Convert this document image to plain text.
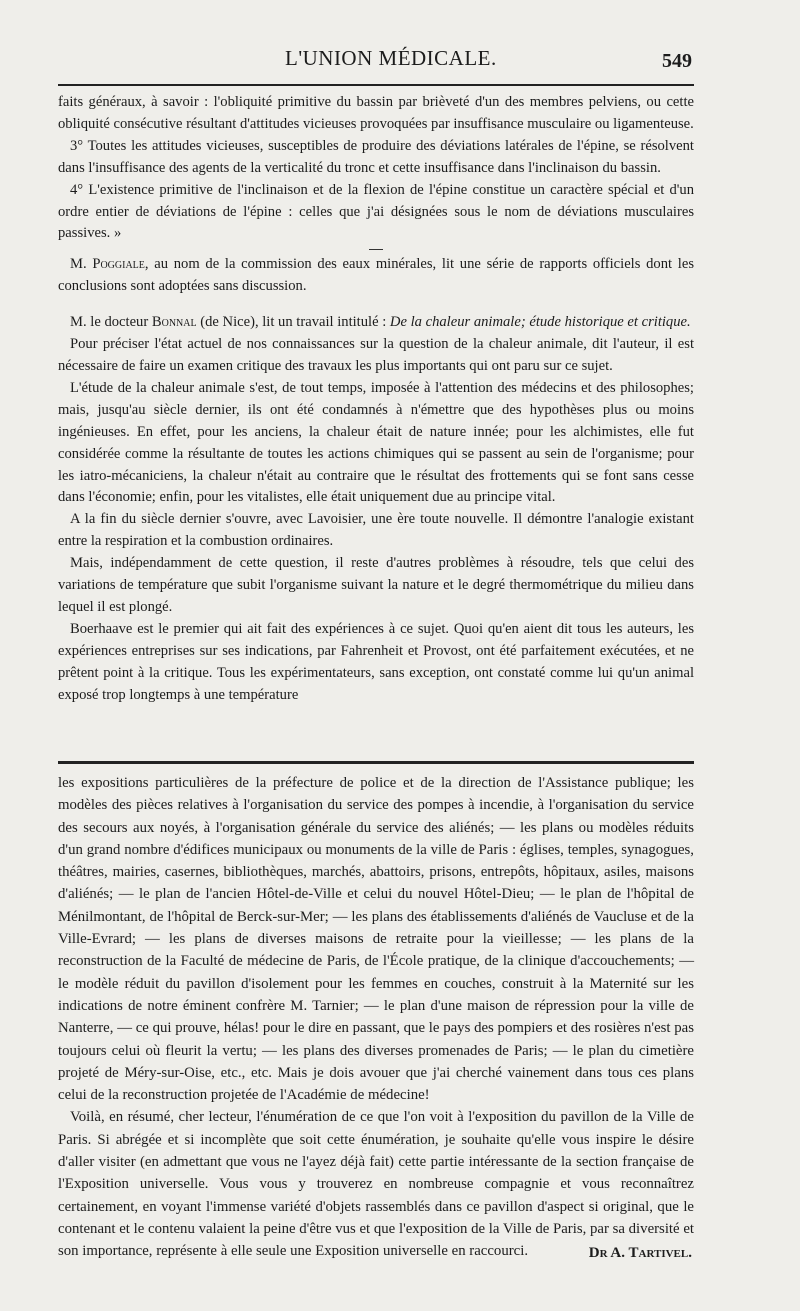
L'UNION MÉDICALE.	549

faits généraux, à savoir : l'obliquité primitive du bassin par brièveté d'un des membres pelviens, ou cette obliquité consécutive résultant d'attitudes vicieuses provoquées par insuffisance musculaire ou ligamenteuse.

3° Toutes les attitudes vicieuses, susceptibles de produire des déviations latérales de l'épine, se résolvent dans l'insuffisance des agents de la verticalité du tronc et cette insuffisance dans l'inclinaison du bassin.

4° L'existence primitive de l'inclinaison et de la flexion de l'épine constitue un caractère spécial et d'un ordre entier de déviations de l'épine : celles que j'ai désignées sous le nom de déviations musculaires passives. »

M. Poggiale, au nom de la commission des eaux minérales, lit une série de rapports officiels dont les conclusions sont adoptées sans discussion.

M. le docteur Bonnal (de Nice), lit un travail intitulé : De la chaleur animale; étude historique et critique.

Pour préciser l'état actuel de nos connaissances sur la question de la chaleur animale, dit l'auteur, il est nécessaire de faire un examen critique des travaux les plus importants qui ont paru sur ce sujet.

L'étude de la chaleur animale s'est, de tout temps, imposée à l'attention des médecins et des philosophes; mais, jusqu'au siècle dernier, ils ont été condamnés à n'émettre que des hypothèses plus ou moins ingénieuses. En effet, pour les anciens, la chaleur était de nature innée; pour les alchimistes, elle fut considérée comme la résultante de toutes les actions chimiques qui se passent au sein de l'organisme; pour les iatro-mécaniciens, la chaleur n'était au contraire que le résultat des frottements qui se font sans cesse dans l'économie; enfin, pour les vitalistes, elle était uniquement due au principe vital.

A la fin du siècle dernier s'ouvre, avec Lavoisier, une ère toute nouvelle. Il démontre l'analogie existant entre la respiration et la combustion ordinaires.

Mais, indépendamment de cette question, il reste d'autres problèmes à résoudre, tels que celui des variations de température que subit l'organisme suivant la nature et le degré thermométrique du milieu dans lequel il est plongé.

Boerhaave est le premier qui ait fait des expériences à ce sujet. Quoi qu'en aient dit tous les auteurs, les expériences entreprises sur ses indications, par Fahrenheit et Provost, ont été parfaitement exécutées, et ne prêtent point à la critique. Tous les expérimentateurs, sans exception, ont constaté comme lui qu'un animal exposé trop longtemps à une température

les expositions particulières de la préfecture de police et de la direction de l'Assistance publique; les modèles des pièces relatives à l'organisation du service des pompes à incendie, à l'organisation du service des secours aux noyés, à l'organisation générale du service des aliénés; — les plans ou modèles réduits d'un grand nombre d'édifices municipaux ou monuments de la ville de Paris : églises, temples, synagogues, théâtres, mairies, casernes, bibliothèques, marchés, abattoirs, prisons, entrepôts, hôpitaux, asiles, maisons d'aliénés; — le plan de l'ancien Hôtel-de-Ville et celui du nouvel Hôtel-Dieu; — le plan de l'hôpital de Ménilmontant, de l'hôpital de Berck-sur-Mer; — les plans des établissements d'aliénés de Vaucluse et de la Ville-Evrard; — les plans de diverses maisons de retraite pour la vieillesse; — les plans de la reconstruction de la Faculté de médecine de Paris, de l'École pratique, de la clinique d'accouchements; — le modèle réduit du pavillon d'isolement pour les femmes en couches, construit à la Maternité sur les indications de notre éminent confrère M. Tarnier; — le plan d'une maison de répression pour la ville de Nanterre, — ce qui prouve, hélas! pour le dire en passant, que le pays des pompiers et des rosières n'est pas toujours celui où fleurit la vertu; — les plans des diverses promenades de Paris; — le plan du cimetière projeté de Méry-sur-Oise, etc., etc. Mais je dois avouer que j'ai cherché vainement dans tous ces plans celui de la reconstruction projetée de l'Académie de médecine!

Voilà, en résumé, cher lecteur, l'énumération de ce que l'on voit à l'exposition du pavillon de la Ville de Paris. Si abrégée et si incomplète que soit cette énumération, je souhaite qu'elle vous inspire le désire d'aller visiter (en admettant que vous ne l'ayez déjà fait) cette partie intéressante de la section française de l'Exposition universelle. Vous vous y trouverez en nombreuse compagnie et vous reconnaîtrez certainement, en voyant l'immense variété d'objets rassemblés dans ce pavillon d'aspect si original, que le contenant et le contenu valaient la peine d'être vus et que l'exposition de la Ville de Paris, par sa diversité et son importance, représente à elle seule une Exposition universelle en raccourci.	Dr A. Tartivel.
